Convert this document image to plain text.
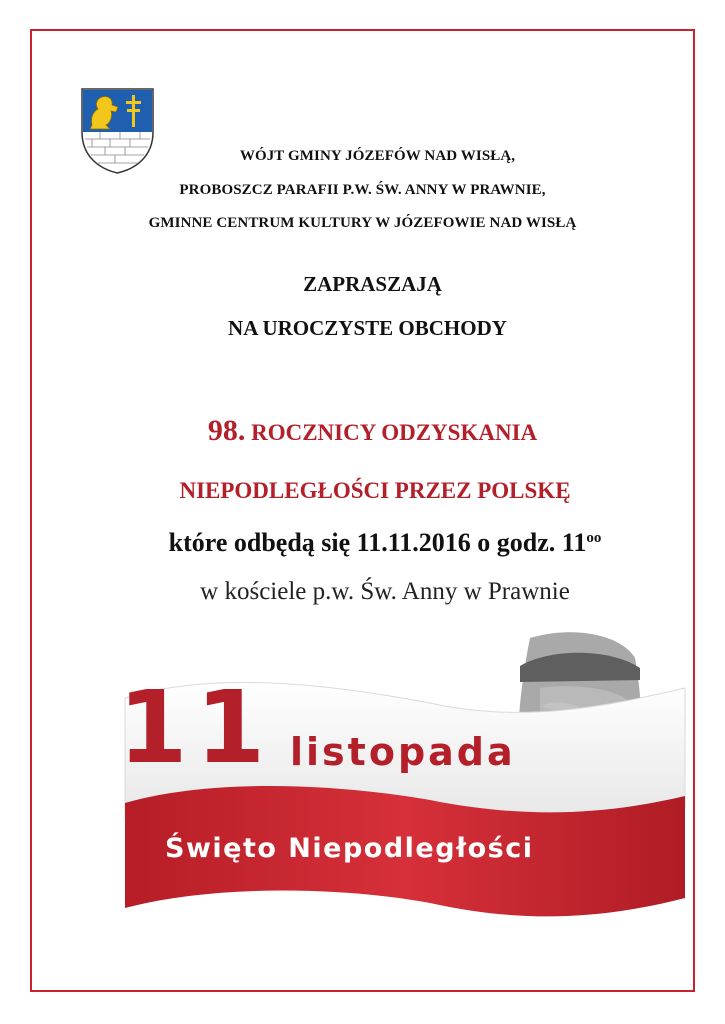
WÓJT GMINY JÓZEFÓW NAD WISŁĄ,
PROBOSZCZ PARAFII P.W. ŚW. ANNY W PRAWNIE,
GMINNE CENTRUM KULTURY W JÓZEFOWIE NAD WISŁĄ
ZAPRASZAJĄ
NA UROCZYSTE OBCHODY
98. ROCZNICY ODZYSKANIA
NIEPODLEGŁOŚCI PRZEZ POLSKĘ
które odbędą się 11.11.2016 o godz. $11^{oo}$
w kościele p.w. Św. Anny w Prawnie
11 listopada
Święto Niepodległości
